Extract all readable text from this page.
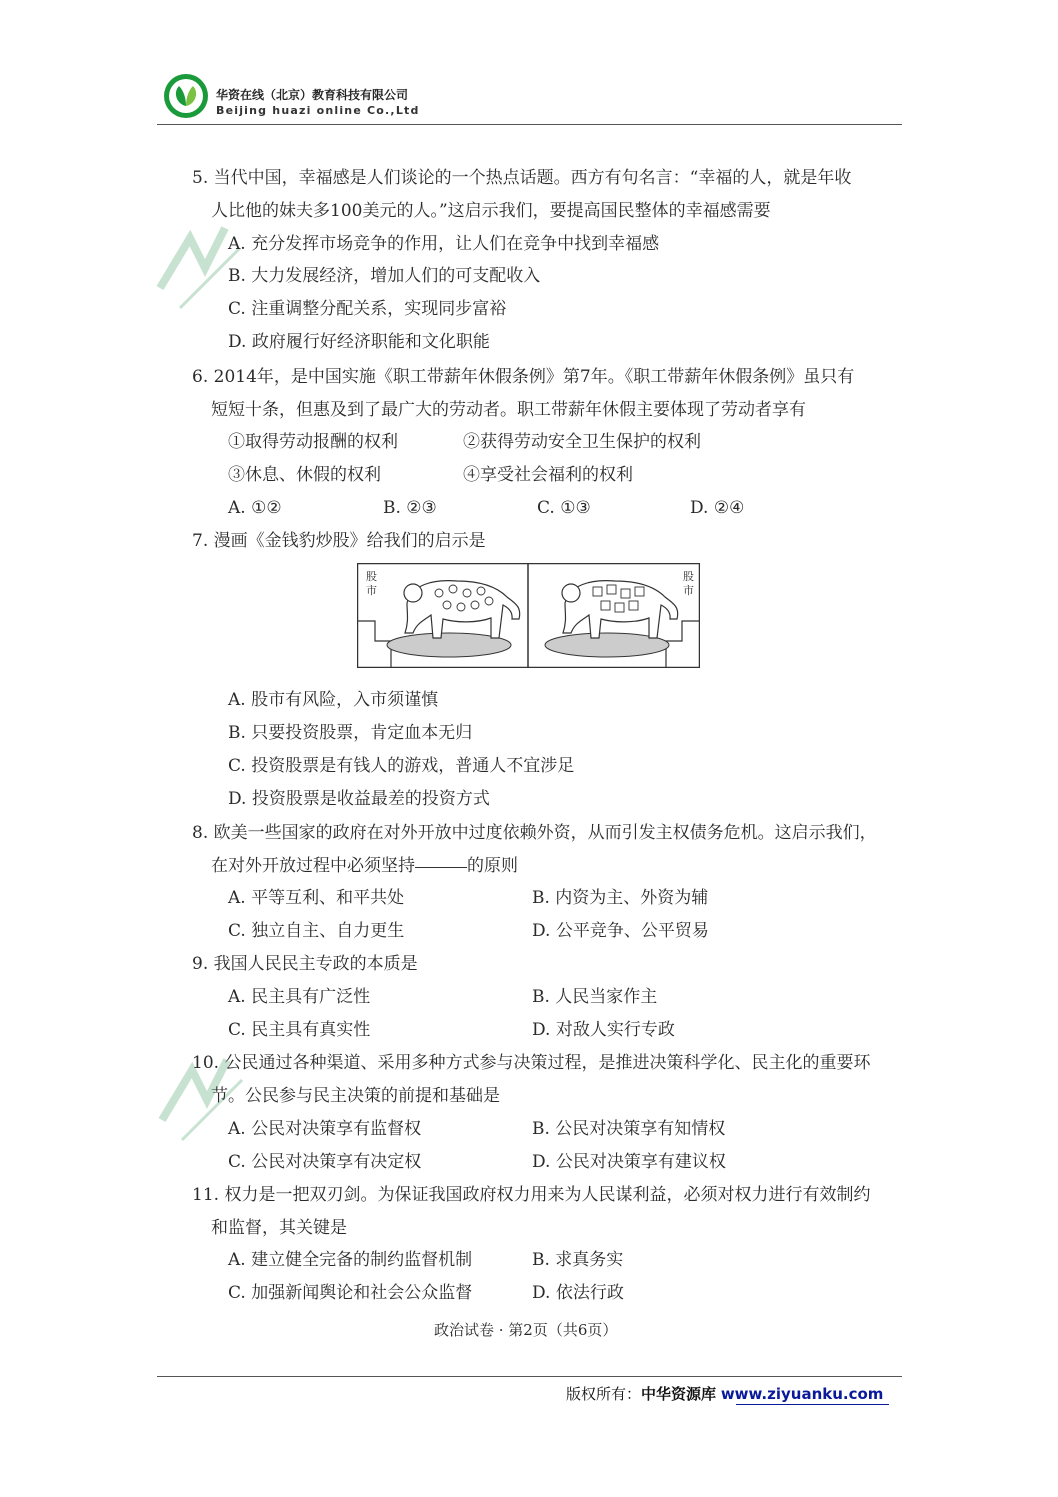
华资在线（北京）教育科技有限公司
Beijing huazi online Co.,Ltd
5. 当代中国，幸福感是人们谈论的一个热点话题。西方有句名言：“幸福的人，就是年收
人比他的妹夫多100美元的人。”这启示我们，要提高国民整体的幸福感需要
A. 充分发挥市场竞争的作用，让人们在竞争中找到幸福感
B. 大力发展经济，增加人们的可支配收入
C. 注重调整分配关系，实现同步富裕
D. 政府履行好经济职能和文化职能
6. 2014年，是中国实施《职工带薪年休假条例》第7年。《职工带薪年休假条例》虽只有
短短十条，但惠及到了最广大的劳动者。职工带薪年休假主要体现了劳动者享有
①取得劳动报酬的权利	②获得劳动安全卫生保护的权利
③休息、休假的权利	④享受社会福利的权利
A. ①②	B. ②③	C. ①③	D. ②④
7. 漫画《金钱豹炒股》给我们的启示是
股市
股市
A. 股市有风险，入市须谨慎
B. 只要投资股票，肯定血本无归
C. 投资股票是有钱人的游戏，普通人不宜涉足
D. 投资股票是收益最差的投资方式
8. 欧美一些国家的政府在对外开放中过度依赖外资，从而引发主权债务危机。这启示我们，
在对外开放过程中必须坚持	的原则
A. 平等互利、和平共处	B. 内资为主、外资为辅
C. 独立自主、自力更生	D. 公平竞争、公平贸易
9. 我国人民民主专政的本质是
A. 民主具有广泛性	B. 人民当家作主
C. 民主具有真实性	D. 对敌人实行专政
10. 公民通过各种渠道、采用多种方式参与决策过程，是推进决策科学化、民主化的重要环
节。公民参与民主决策的前提和基础是
A. 公民对决策享有监督权	B. 公民对决策享有知情权
C. 公民对决策享有决定权	D. 公民对决策享有建议权
11. 权力是一把双刃剑。为保证我国政府权力用来为人民谋利益，必须对权力进行有效制约
和监督，其关键是
A. 建立健全完备的制约监督机制	B. 求真务实
C. 加强新闻舆论和社会公众监督	D. 依法行政
政治试卷 · 第2页（共6页）
版权所有：中华资源库 www.ziyuanku.com
